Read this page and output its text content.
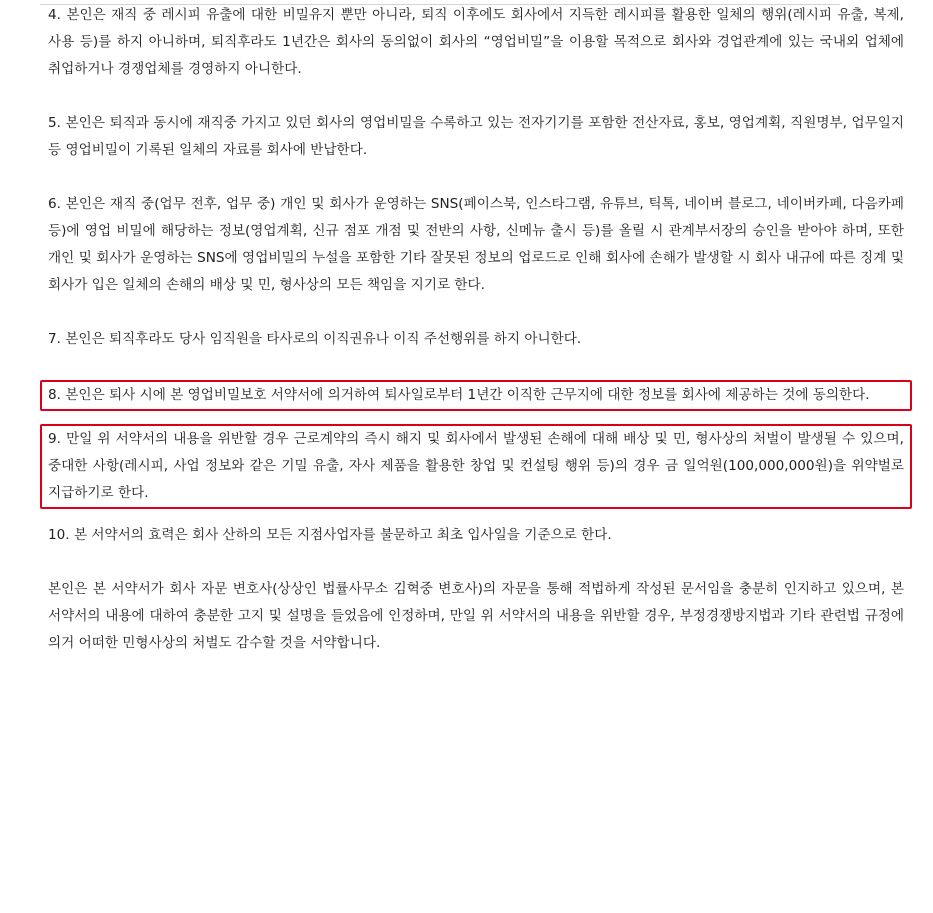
4. 본인은 재직 중 레시피 유출에 대한 비밀유지 뿐만 아니라, 퇴직 이후에도 회사에서 지득한 레시피를 활용한 일체의 행위(레시피 유출, 복제, 사용 등)를 하지 아니하며, 퇴직후라도 1년간은 회사의 동의없이 회사의 “영업비밀”을 이용할 목적으로 회사와 경업관계에 있는 국내외 업체에 취업하거나 경쟁업체를 경영하지 아니한다.

5. 본인은 퇴직과 동시에 재직중 가지고 있던 회사의 영업비밀을 수록하고 있는 전자기기를 포함한 전산자료, 홍보, 영업계획, 직원명부, 업무일지 등 영업비밀이 기록된 일체의 자료를 회사에 반납한다.

6. 본인은 재직 중(업무 전후, 업무 중) 개인 및 회사가 운영하는 SNS(페이스북, 인스타그램, 유튜브, 틱톡, 네이버 블로그, 네이버카페, 다음카페 등)에 영업 비밀에 해당하는 정보(영업계획, 신규 점포 개점 및 전반의 사항, 신메뉴 출시 등)를 올릴 시 관계부서장의 승인을 받아야 하며, 또한 개인 및 회사가 운영하는 SNS에 영업비밀의 누설을 포함한 기타 잘못된 정보의 업로드로 인해 회사에 손해가 발생할 시 회사 내규에 따른 징계 및 회사가 입은 일체의 손해의 배상 및 민, 형사상의 모든 책임을 지기로 한다.

7. 본인은 퇴직후라도 당사 임직원을 타사로의 이직권유나 이직 주선행위를 하지 아니한다.

8. 본인은 퇴사 시에 본 영업비밀보호 서약서에 의거하여 퇴사일로부터 1년간 이직한 근무지에 대한 정보를 회사에 제공하는 것에 동의한다.

9. 만일 위 서약서의 내용을 위반할 경우 근로계약의 즉시 해지 및 회사에서 발생된 손해에 대해 배상 및 민, 형사상의 처벌이 발생될 수 있으며, 중대한 사항(레시피, 사업 정보와 같은 기밀 유출, 자사 제품을 활용한 창업 및 컨설팅 행위 등)의 경우 금 일억원(100,000,000원)을 위약벌로 지급하기로 한다.

10. 본 서약서의 효력은 회사 산하의 모든 지점사업자를 불문하고 최초 입사일을 기준으로 한다.

본인은 본 서약서가 회사 자문 변호사(상상인 법률사무소 김혁중 변호사)의 자문을 통해 적법하게 작성된 문서임을 충분히 인지하고 있으며, 본 서약서의 내용에 대하여 충분한 고지 및 설명을 들었음에 인정하며, 만일 위 서약서의 내용을 위반할 경우, 부정경쟁방지법과 기타 관련법 규정에 의거 어떠한 민형사상의 처벌도 감수할 것을 서약합니다.
